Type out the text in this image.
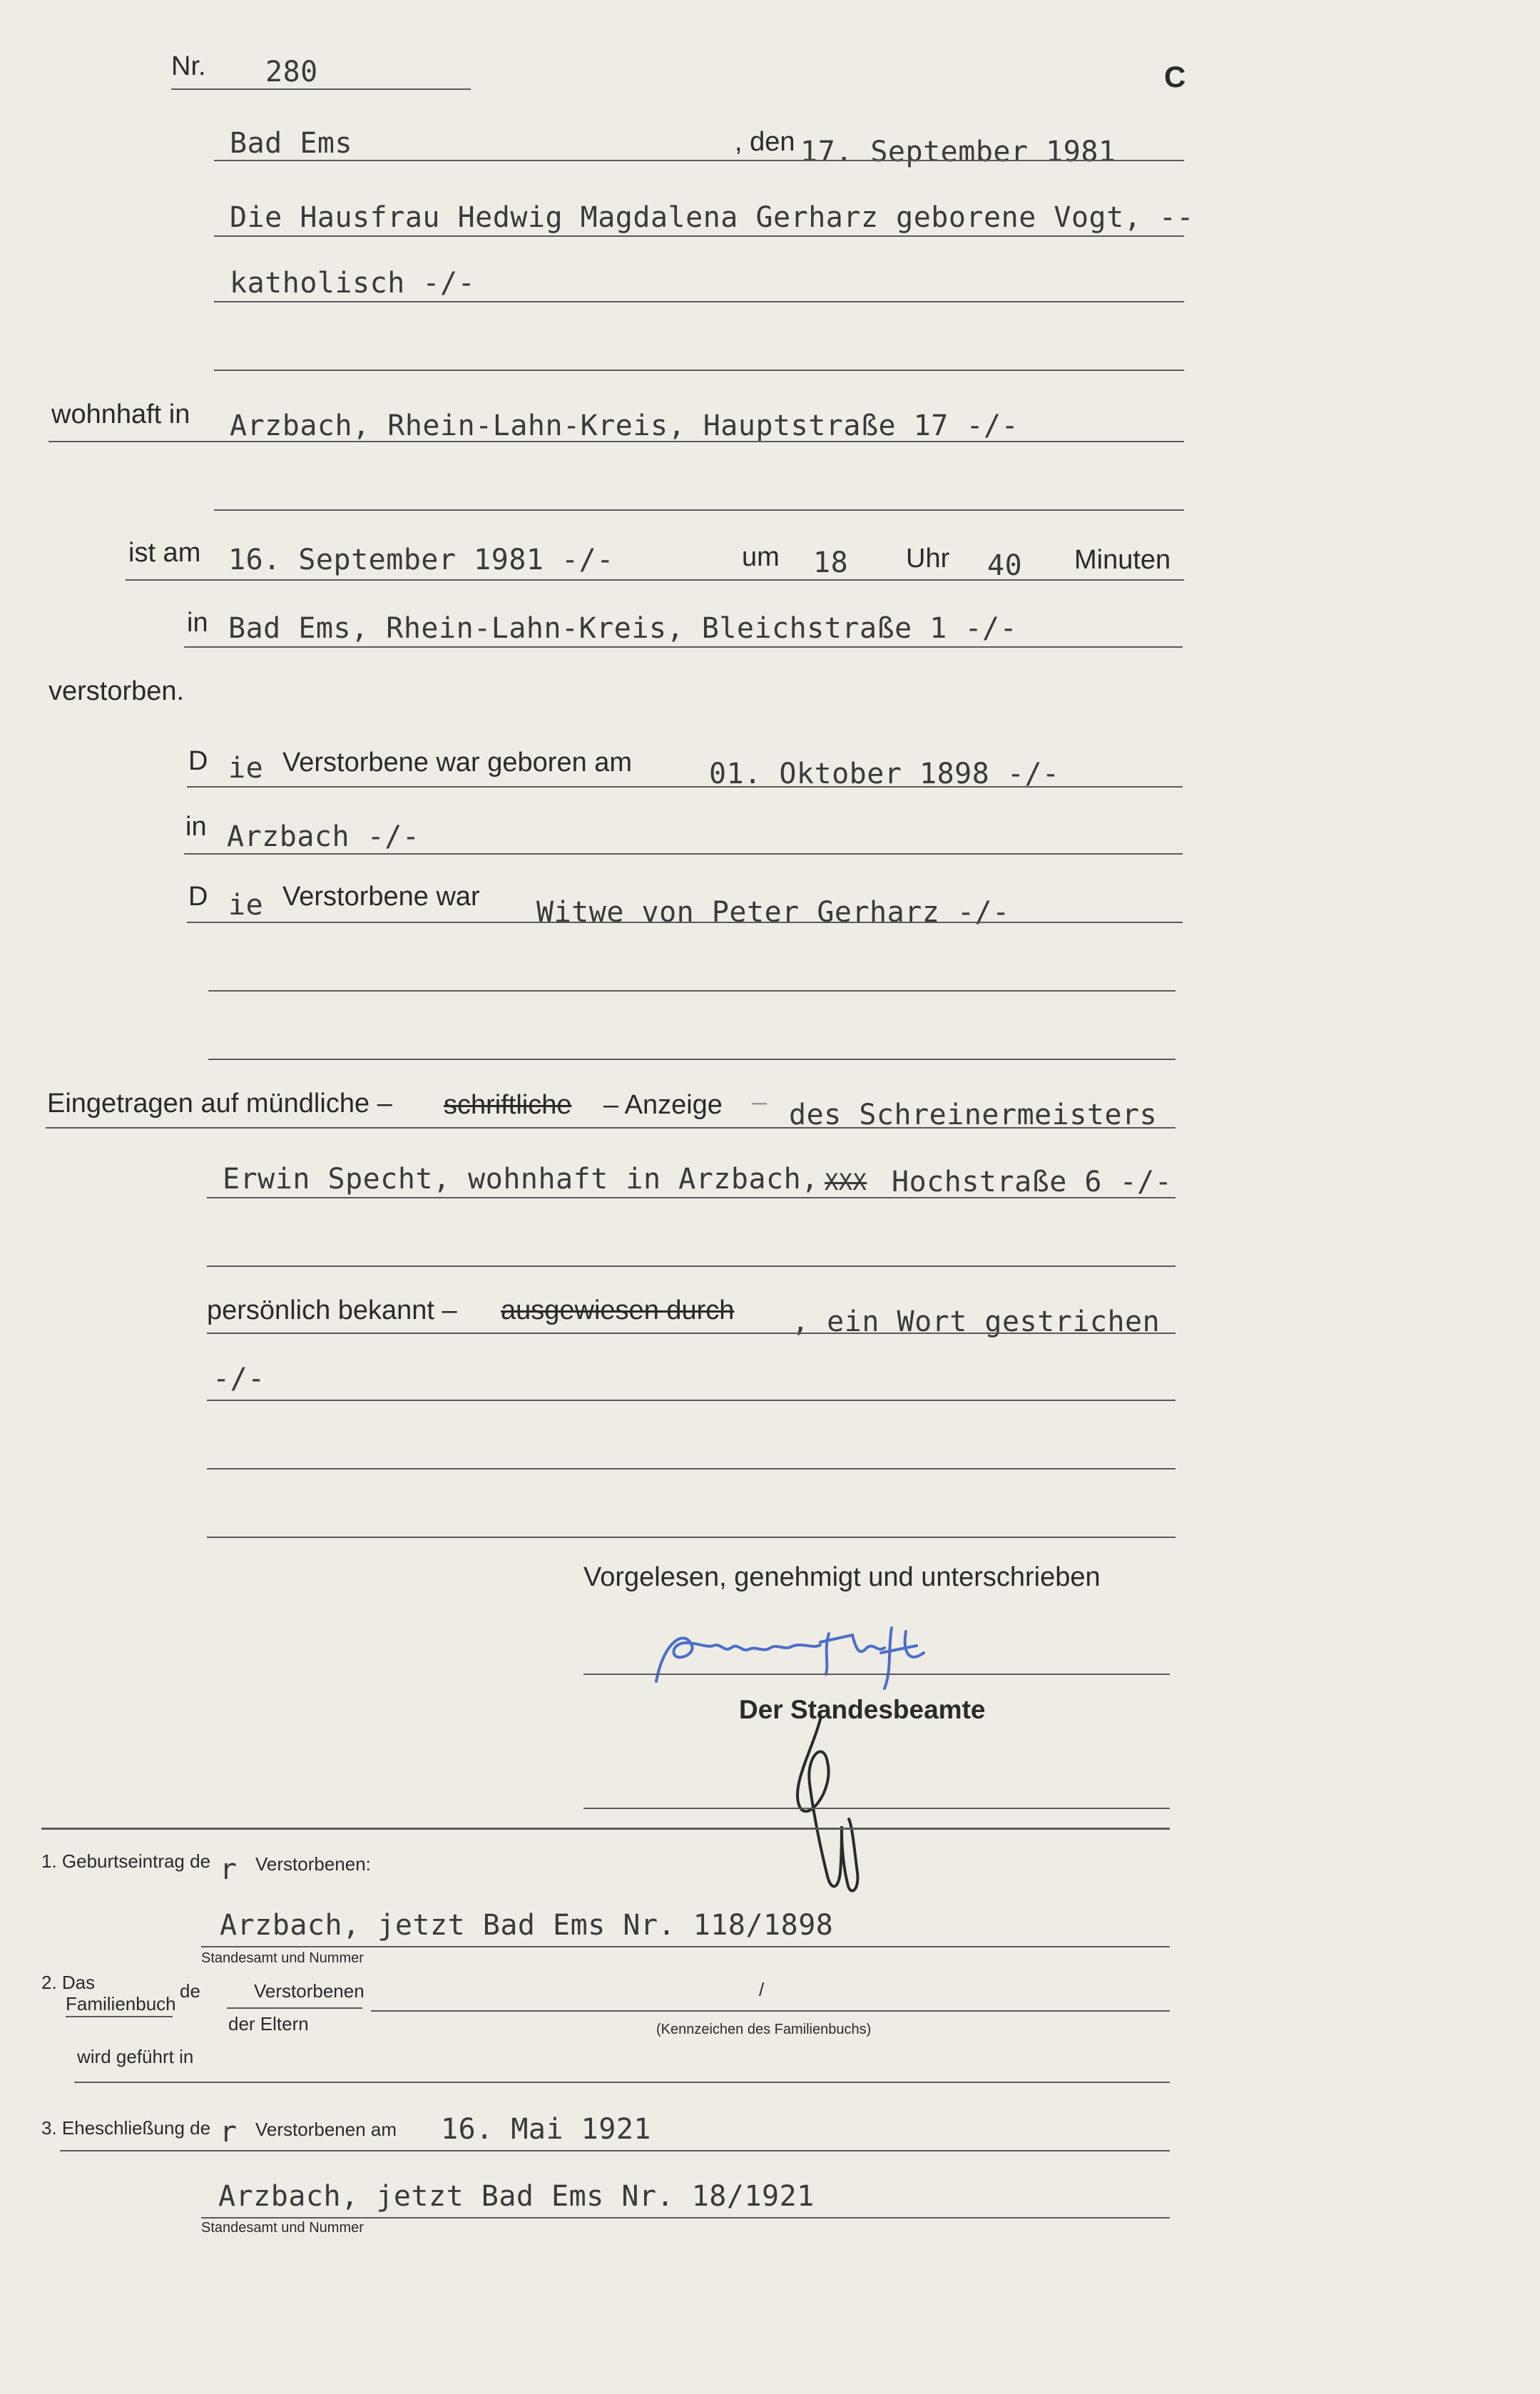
Nr. 280	C
Bad Ems	, den 17. September 1981
Die Hausfrau Hedwig Magdalena Gerharz geborene Vogt, --
katholisch -/-
wohnhaft in Arzbach, Rhein-Lahn-Kreis, Hauptstraße 17 -/-
ist am 16. September 1981 -/-	um 18 Uhr 40 Minuten
in Bad Ems, Rhein-Lahn-Kreis, Bleichstraße 1 -/-
verstorben.
D ie Verstorbene war geboren am	01. Oktober 1898 -/-
in Arzbach -/-
D ie Verstorbene war Witwe von Peter Gerharz -/-
Eingetragen auf mündliche – schriftliche – Anzeige – des Schreinermeisters
Erwin Specht, wohnhaft in Arzbach, XXX Hochstraße 6 -/-
persönlich bekannt – ausgewiesen durch , ein Wort gestrichen
-/-
Vorgelesen, genehmigt und unterschrieben
Der Standesbeamte
1. Geburtseintrag de r Verstorbenen:
Arzbach, jetzt Bad Ems Nr. 118/1898
Standesamt und Nummer
2. Das
Familienbuch
de	Verstorbenen
der Eltern
/
(Kennzeichen des Familienbuchs)
wird geführt in
3. Eheschließung de r Verstorbenen am 16. Mai 1921
Arzbach, jetzt Bad Ems Nr. 18/1921
Standesamt und Nummer
